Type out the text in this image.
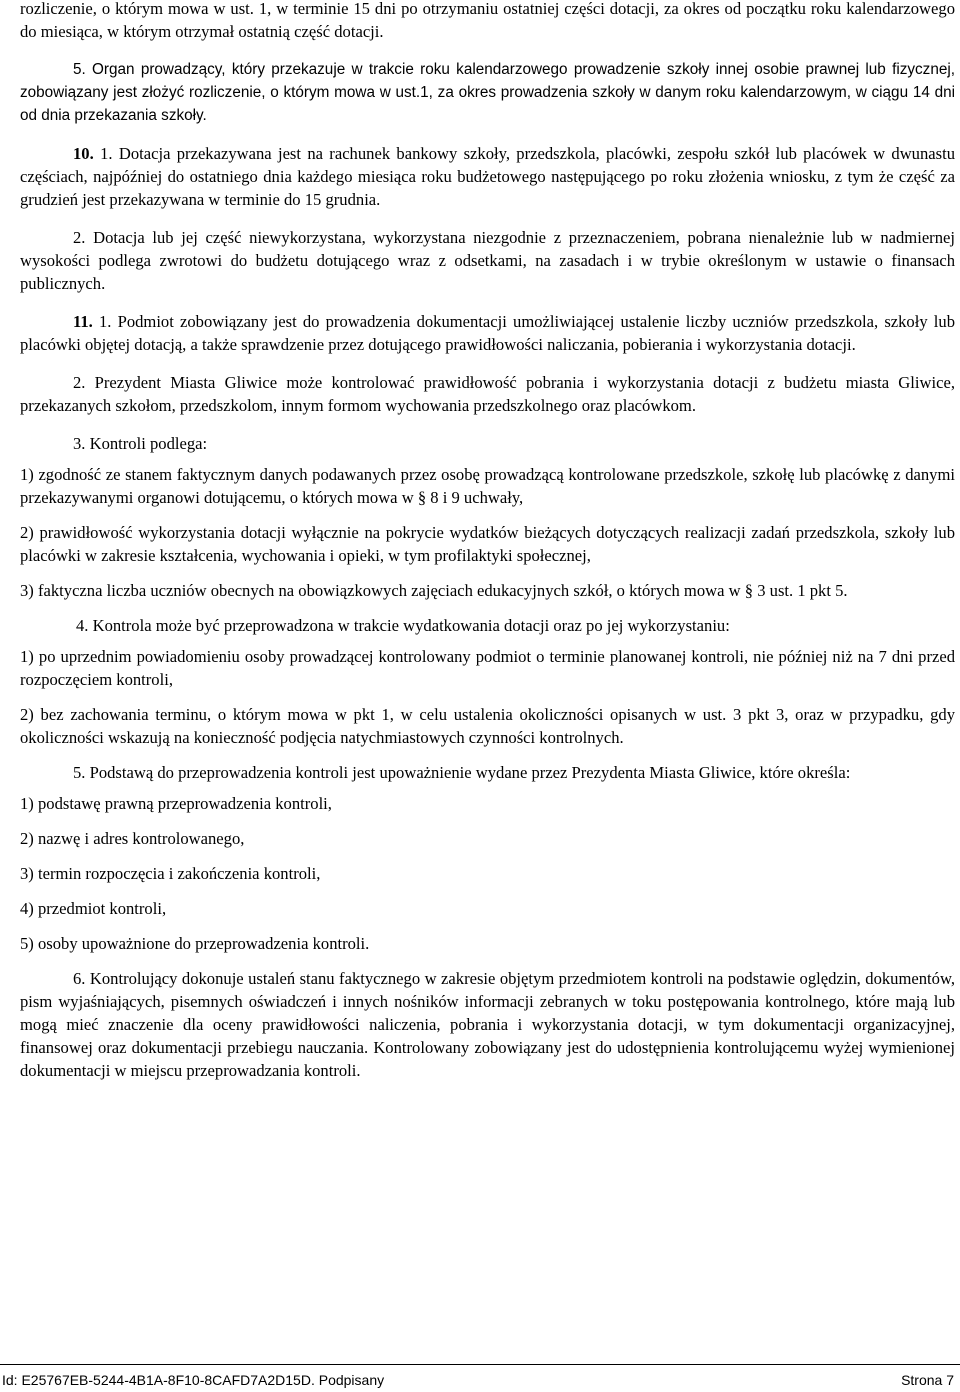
rozliczenie, o którym mowa w ust. 1, w terminie 15 dni po otrzymaniu ostatniej części dotacji, za okres od początku roku kalendarzowego do miesiąca, w którym otrzymał ostatnią część dotacji.

5. Organ prowadzący, który przekazuje w trakcie roku kalendarzowego prowadzenie szkoły innej osobie prawnej lub fizycznej, zobowiązany jest złożyć rozliczenie, o którym mowa w ust.1, za okres prowadzenia szkoły w danym roku kalendarzowym, w ciągu 14 dni od dnia przekazania szkoły.

10. 1. Dotacja przekazywana jest na rachunek bankowy szkoły, przedszkola, placówki, zespołu szkół lub placówek w dwunastu częściach, najpóźniej do ostatniego dnia każdego miesiąca roku budżetowego następującego po roku złożenia wniosku, z tym że część za grudzień jest przekazywana w terminie do 15 grudnia.

2. Dotacja lub jej część niewykorzystana, wykorzystana niezgodnie z przeznaczeniem, pobrana nienależnie lub w nadmiernej wysokości podlega zwrotowi do budżetu dotującego wraz z odsetkami, na zasadach i w trybie określonym w ustawie o finansach publicznych.

11. 1. Podmiot zobowiązany jest do prowadzenia dokumentacji umożliwiającej ustalenie liczby uczniów przedszkola, szkoły lub placówki objętej dotacją, a także sprawdzenie przez dotującego prawidłowości naliczania, pobierania i wykorzystania dotacji.

2. Prezydent Miasta Gliwice może kontrolować prawidłowość pobrania i wykorzystania dotacji z budżetu miasta Gliwice, przekazanych szkołom, przedszkolom, innym formom wychowania przedszkolnego oraz placówkom.

3. Kontroli podlega:

1) zgodność ze stanem faktycznym danych podawanych przez osobę prowadzącą kontrolowane przedszkole, szkołę lub placówkę z danymi przekazywanymi organowi dotującemu, o których mowa w § 8 i 9 uchwały,

2) prawidłowość wykorzystania dotacji wyłącznie na pokrycie wydatków bieżących dotyczących realizacji zadań przedszkola, szkoły lub placówki w zakresie kształcenia, wychowania i opieki, w tym profilaktyki społecznej,

3) faktyczna liczba uczniów obecnych na obowiązkowych zajęciach edukacyjnych szkół, o których mowa w § 3 ust. 1 pkt 5.

4. Kontrola może być przeprowadzona w trakcie wydatkowania dotacji oraz po jej wykorzystaniu:

1) po uprzednim powiadomieniu osoby prowadzącej kontrolowany podmiot o terminie planowanej kontroli, nie później niż na 7 dni przed rozpoczęciem kontroli,

2) bez zachowania terminu, o którym mowa w pkt 1, w celu ustalenia okoliczności opisanych w ust. 3 pkt 3, oraz w przypadku, gdy okoliczności wskazują na konieczność podjęcia natychmiastowych czynności kontrolnych.

5. Podstawą do przeprowadzenia kontroli jest upoważnienie wydane przez Prezydenta Miasta Gliwice, które określa:

1) podstawę prawną przeprowadzenia kontroli,

2) nazwę i adres kontrolowanego,

3) termin rozpoczęcia i zakończenia kontroli,

4) przedmiot kontroli,

5) osoby upoważnione do przeprowadzenia kontroli.

6. Kontrolujący dokonuje ustaleń stanu faktycznego w zakresie objętym przedmiotem kontroli na podstawie oględzin, dokumentów, pism wyjaśniających, pisemnych oświadczeń i innych nośników informacji zebranych w toku postępowania kontrolnego, które mają lub mogą mieć znaczenie dla oceny prawidłowości naliczenia, pobrania i wykorzystania dotacji, w tym dokumentacji organizacyjnej, finansowej oraz dokumentacji przebiegu nauczania. Kontrolowany zobowiązany jest do udostępnienia kontrolującemu wyżej wymienionej dokumentacji w miejscu przeprowadzania kontroli.

Id: E25767EB-5244-4B1A-8F10-8CAFD7A2D15D. Podpisany	Strona 7
